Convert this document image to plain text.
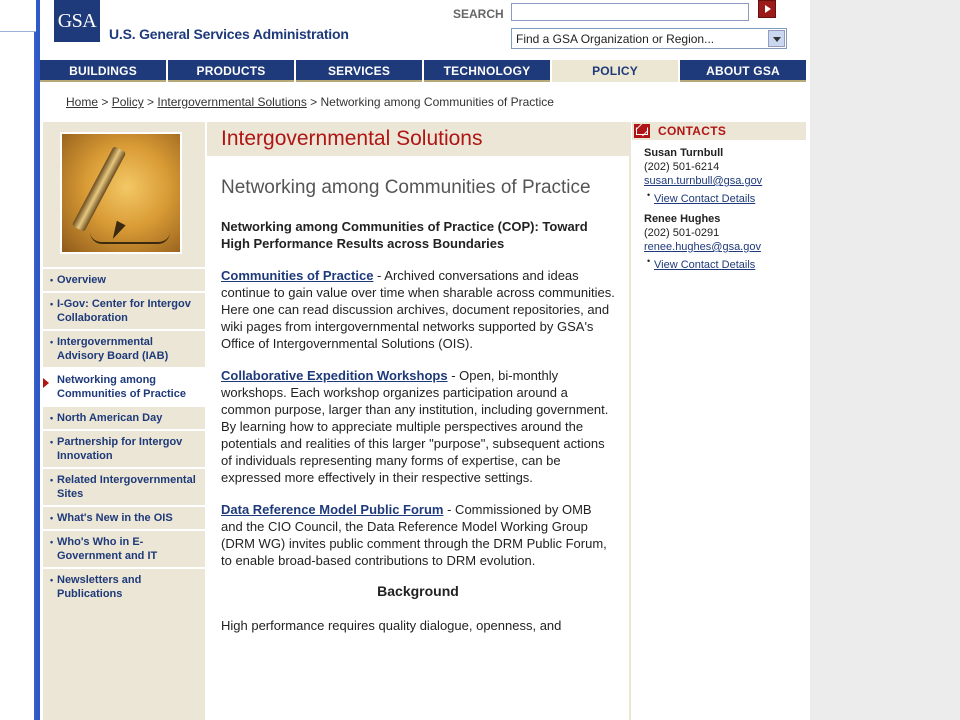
GSA
U.S. General Services Administration
SEARCH
Find a GSA Organization or Region...
BUILDINGS	PRODUCTS	SERVICES	TECHNOLOGY	POLICY	ABOUT GSA
Home > Policy > Intergovernmental Solutions > Networking among Communities of Practice
• Overview
• I-Gov: Center for Intergov Collaboration
• Intergovernmental Advisory Board (IAB)
Networking among Communities of Practice
• North American Day
• Partnership for Intergov Innovation
• Related Intergovernmental Sites
• What's New in the OIS
• Who's Who in E-Government and IT
• Newsletters and Publications
Intergovernmental Solutions
Networking among Communities of Practice
Networking among Communities of Practice (COP): Toward High Performance Results across Boundaries

Communities of Practice - Archived conversations and ideas continue to gain value over time when sharable across communities. Here one can read discussion archives, document repositories, and wiki pages from intergovernmental networks supported by GSA's Office of Intergovernmental Solutions (OIS).

Collaborative Expedition Workshops - Open, bi-monthly workshops. Each workshop organizes participation around a common purpose, larger than any institution, including government. By learning how to appreciate multiple perspectives around the potentials and realities of this larger "purpose", subsequent actions of individuals representing many forms of expertise, can be expressed more effectively in their respective settings.

Data Reference Model Public Forum - Commissioned by OMB and the CIO Council, the Data Reference Model Working Group (DRM WG) invites public comment through the DRM Public Forum, to enable broad-based contributions to DRM evolution.

Background

High performance requires quality dialogue, openness, and

CONTACTS
Susan Turnbull
(202) 501-6214
susan.turnbull@gsa.gov
• View Contact Details
Renee Hughes
(202) 501-0291
renee.hughes@gsa.gov
• View Contact Details
